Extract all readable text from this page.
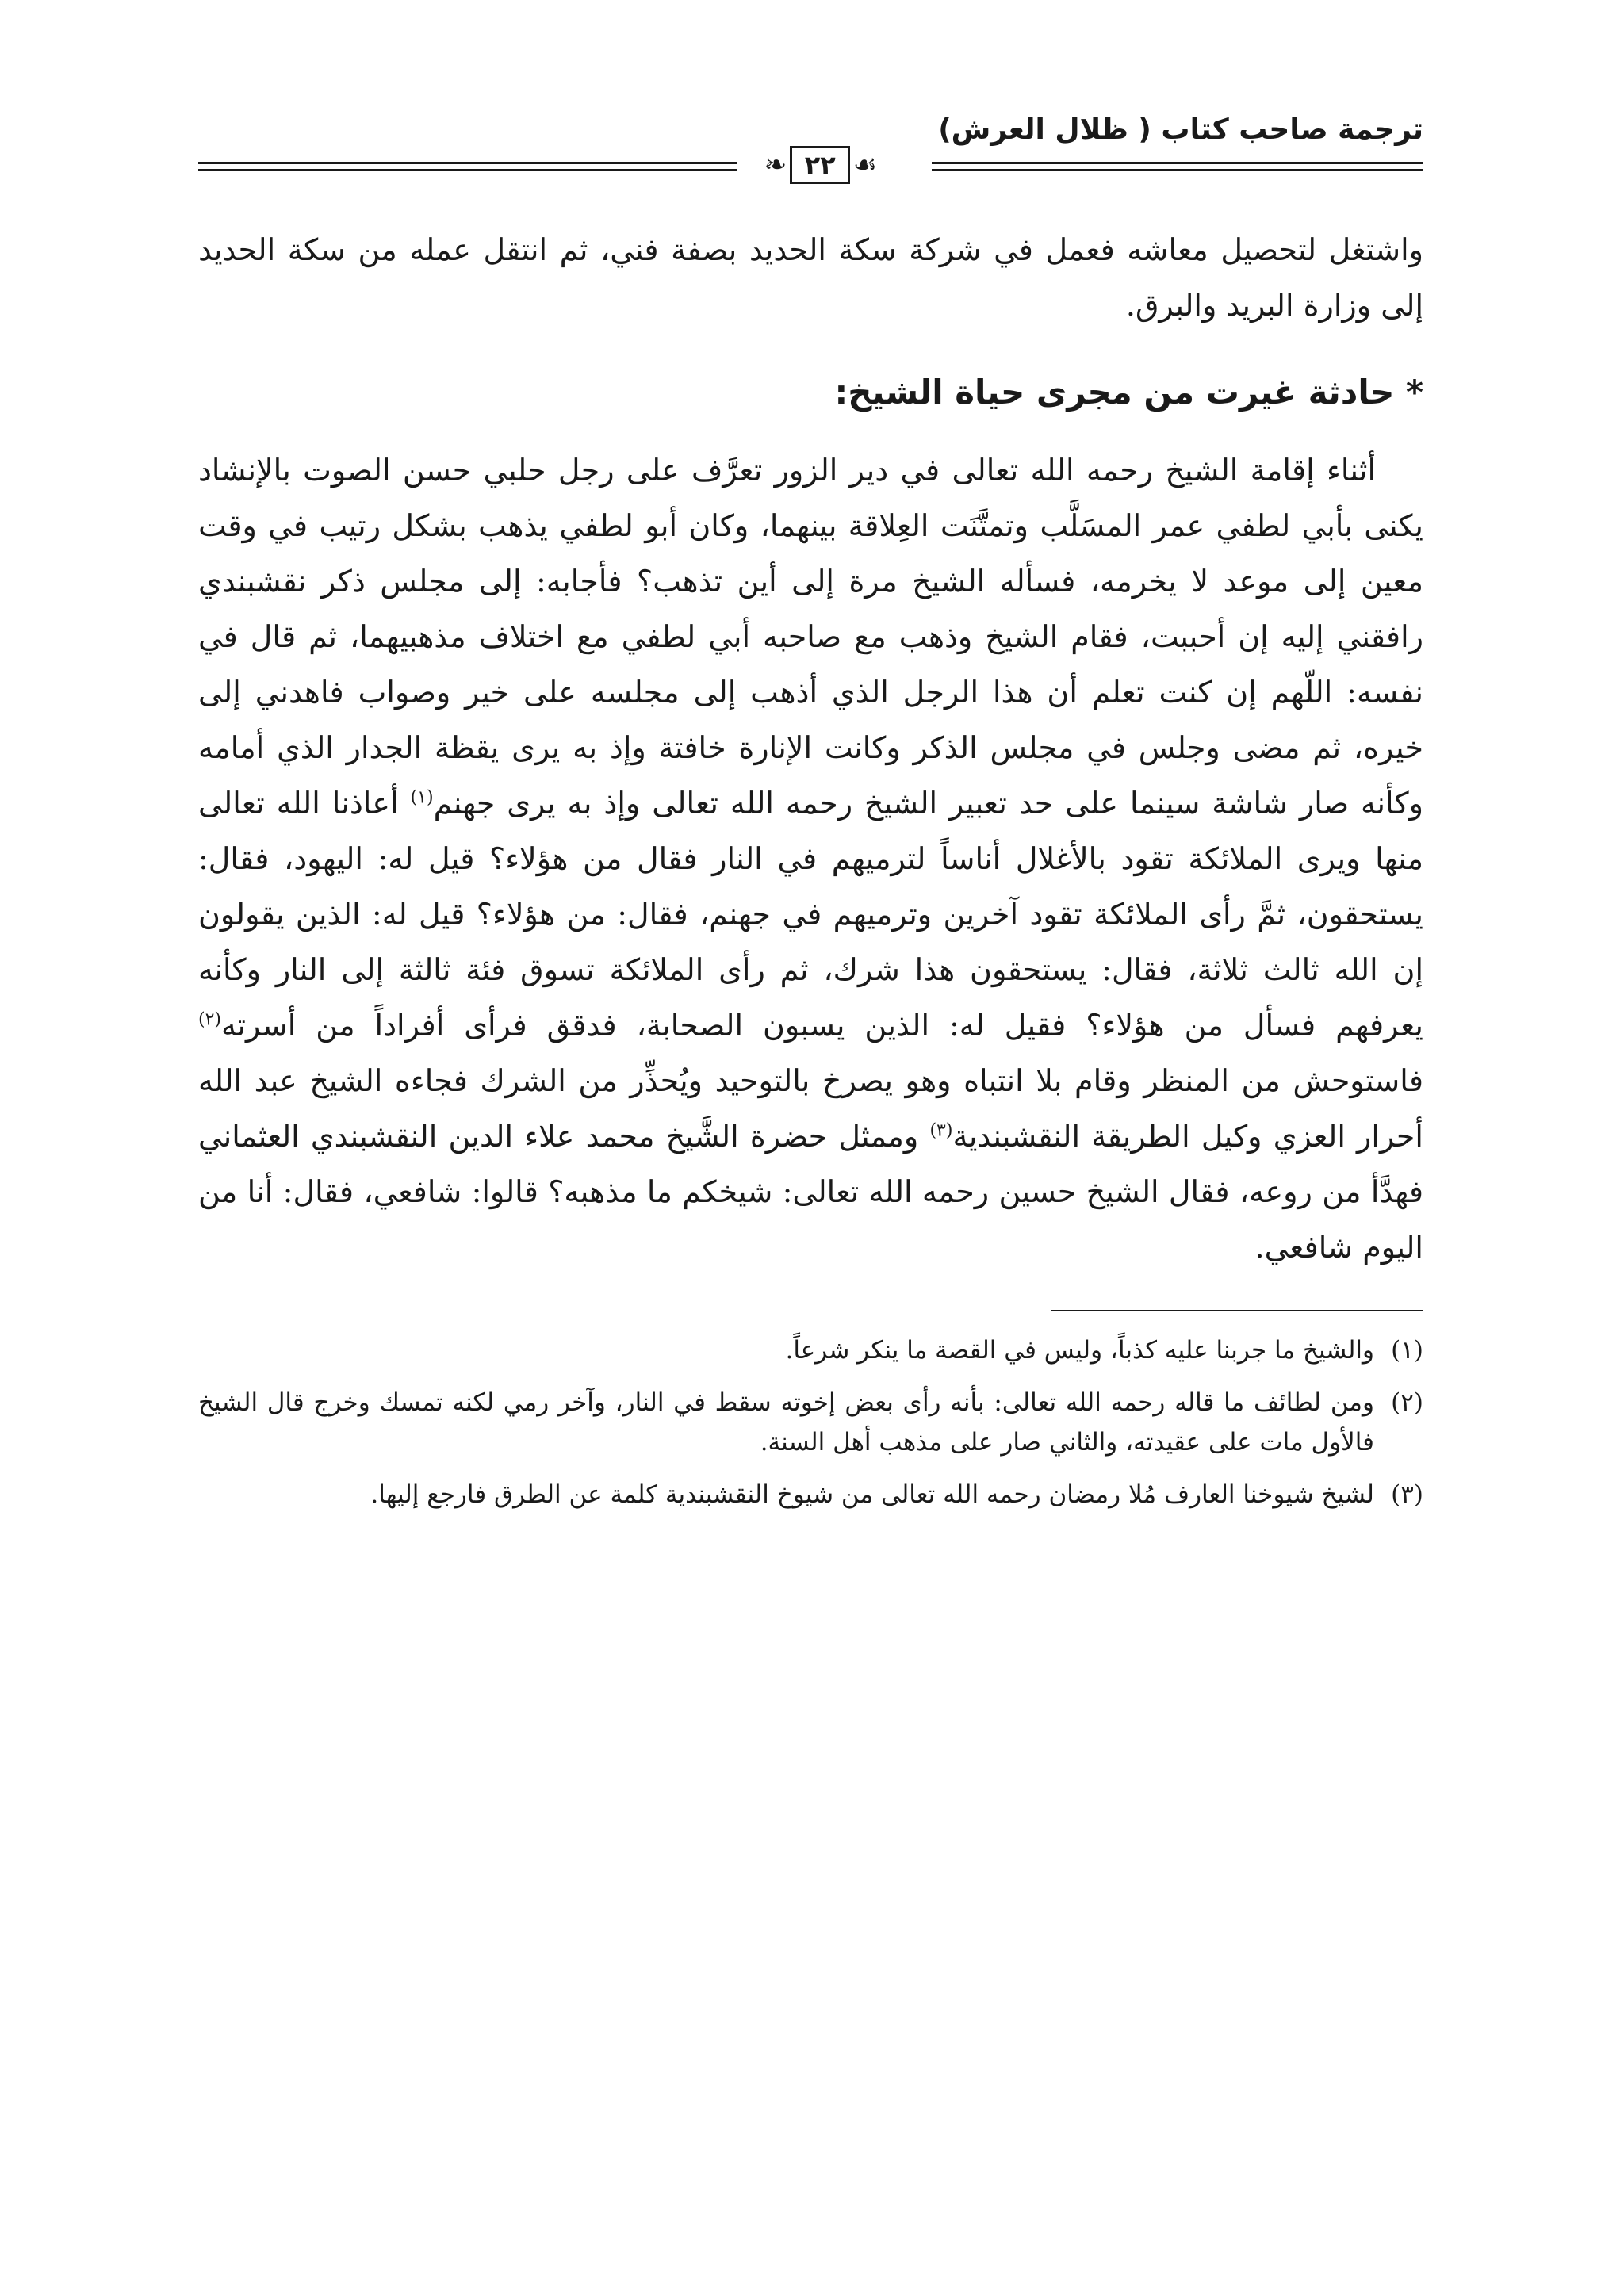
ترجمة صاحب كتاب ( ظلال العرش)
☙
٢٢
❧

واشتغل لتحصيل معاشه فعمل في شركة سكة الحديد بصفة فني، ثم انتقل عمله من سكة الحديد إلى وزارة البريد والبرق.

* حادثة غيرت من مجرى حياة الشيخ:

أثناء إقامة الشيخ رحمه الله تعالى في دير الزور تعرَّف على رجل حلبي حسن الصوت بالإنشاد يكنى بأبي لطفي عمر المسَلَّب وتمتَّنَت العِلاقة بينهما، وكان أبو لطفي يذهب بشكل رتيب في وقت معين إلى موعد لا يخرمه، فسأله الشيخ مرة إلى أين تذهب؟ فأجابه: إلى مجلس ذكر نقشبندي رافقني إليه إن أحببت، فقام الشيخ وذهب مع صاحبه أبي لطفي مع اختلاف مذهبيهما، ثم قال في نفسه: اللّهم إن كنت تعلم أن هذا الرجل الذي أذهب إلى مجلسه على خير وصواب فاهدني إلى خيره، ثم مضى وجلس في مجلس الذكر وكانت الإنارة خافتة وإذ به يرى يقظة الجدار الذي أمامه وكأنه صار شاشة سينما على حد تعبير الشيخ رحمه الله تعالى وإذ به يرى جهنم$^{(١)}$ أعاذنا الله تعالى منها ويرى الملائكة تقود بالأغلال أناساً لترميهم في النار فقال من هؤلاء؟ قيل له: اليهود، فقال: يستحقون، ثمَّ رأى الملائكة تقود آخرين وترميهم في جهنم، فقال: من هؤلاء؟ قيل له: الذين يقولون إن الله ثالث ثلاثة، فقال: يستحقون هذا شرك، ثم رأى الملائكة تسوق فئة ثالثة إلى النار وكأنه يعرفهم فسأل من هؤلاء؟ فقيل له: الذين يسبون الصحابة، فدقق فرأى أفراداً من أسرته$^{(٢)}$ فاستوحش من المنظر وقام بلا انتباه وهو يصرخ بالتوحيد ويُحذِّر من الشرك فجاءه الشيخ عبد الله أحرار العزي وكيل الطريقة النقشبندية$^{(٣)}$ وممثل حضرة الشَّيخ محمد علاء الدين النقشبندي العثماني فهدَّأ من روعه، فقال الشيخ حسين رحمه الله تعالى: شيخكم ما مذهبه؟ قالوا: شافعي، فقال: أنا من اليوم شافعي.

(١)
والشيخ ما جربنا عليه كذباً، وليس في القصة ما ينكر شرعاً.
(٢)
ومن لطائف ما قاله رحمه الله تعالى: بأنه رأى بعض إخوته سقط في النار، وآخر رمي لكنه تمسك وخرج قال الشيخ فالأول مات على عقيدته، والثاني صار على مذهب أهل السنة.
(٣)
لشيخ شيوخنا العارف مُلا رمضان رحمه الله تعالى من شيوخ النقشبندية كلمة عن الطرق فارجع إليها.
